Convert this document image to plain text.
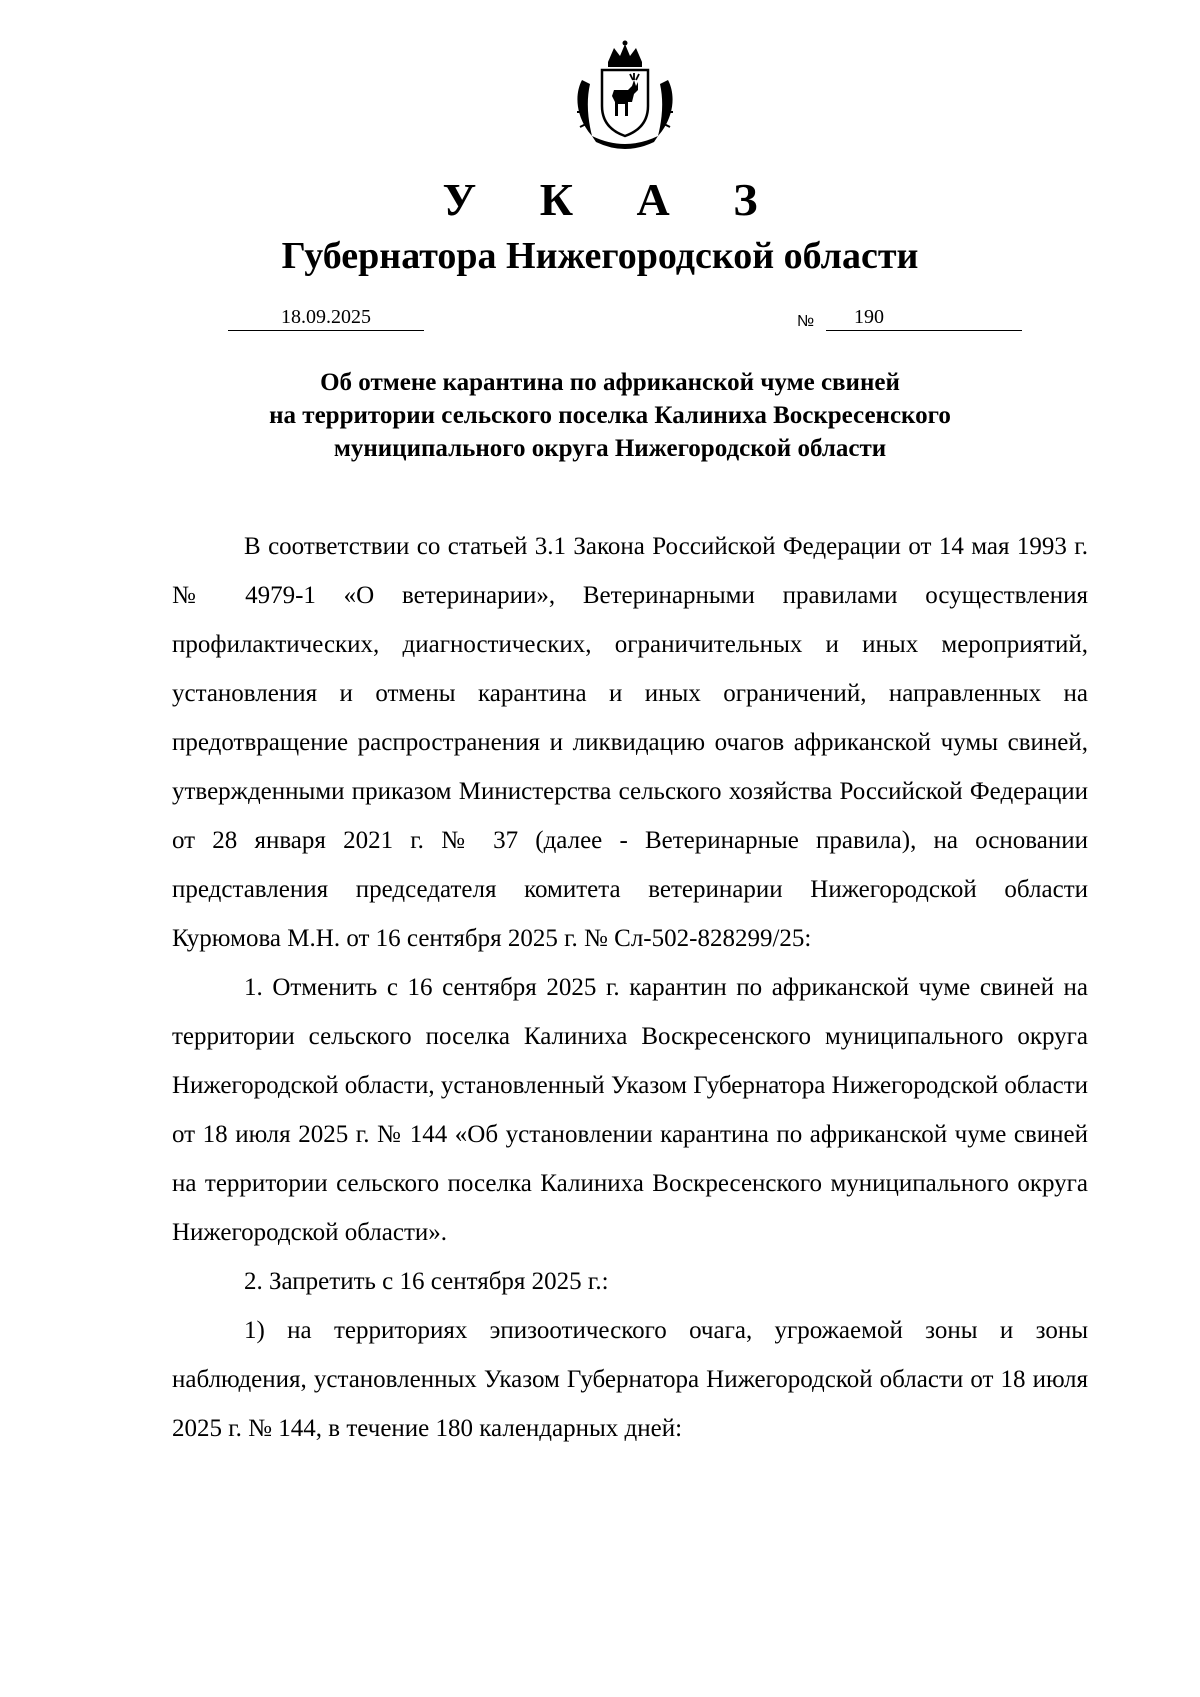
У К А З
Губернатора Нижегородской области
18.09.2025	№	190
Об отмене карантина по африканской чуме свиней
на территории сельского поселка Калиниха Воскресенского
муниципального округа Нижегородской области

В соответствии со статьей 3.1 Закона Российской Федерации от 14 мая 1993 г. № 4979-1 «О ветеринарии», Ветеринарными правилами осуществления профилактических, диагностических, ограничительных и иных мероприятий, установления и отмены карантина и иных ограничений, направленных на предотвращение распространения и ликвидацию очагов африканской чумы свиней, утвержденными приказом Министерства сельского хозяйства Российской Федерации от 28 января 2021 г. № 37 (далее - Ветеринарные правила), на основании представления председателя комитета ветеринарии Нижегородской области Курюмова М.Н. от 16 сентября 2025 г. № Сл-502-828299/25:

1. Отменить с 16 сентября 2025 г. карантин по африканской чуме свиней на территории сельского поселка Калиниха Воскресенского муниципального округа Нижегородской области, установленный Указом Губернатора Нижегородской области от 18 июля 2025 г. № 144 «Об установлении карантина по африканской чуме свиней на территории сельского поселка Калиниха Воскресенского муниципального округа Нижегородской области».

2. Запретить с 16 сентября 2025 г.:

1) на территориях эпизоотического очага, угрожаемой зоны и зоны наблюдения, установленных Указом Губернатора Нижегородской области от 18 июля 2025 г. № 144, в течение 180 календарных дней:
